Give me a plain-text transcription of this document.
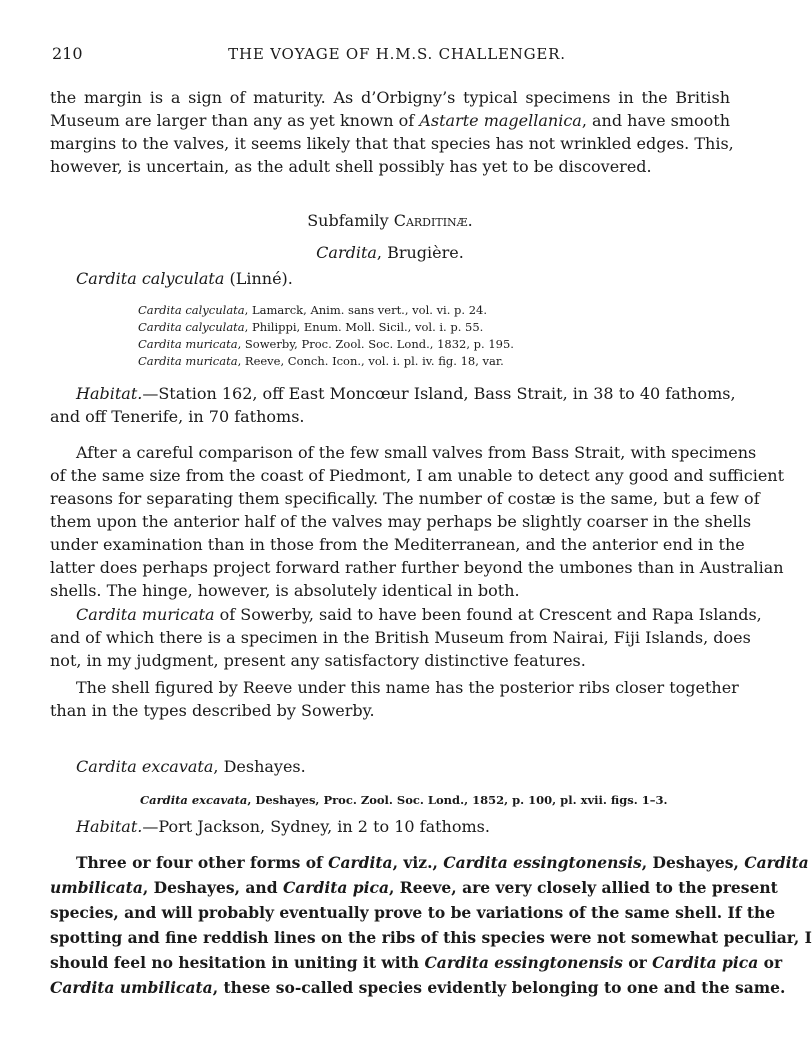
210	THE VOYAGE OF H.M.S. CHALLENGER.
the margin is a sign of maturity. As d’Orbigny’s typical specimens in the British
Museum are larger than any as yet known of Astarte magellanica, and have smooth
margins to the valves, it seems likely that that species has not wrinkled edges. This,
however, is uncertain, as the adult shell possibly has yet to be discovered.
Subfamily Carditinæ.
Cardita, Brugière.
Cardita calyculata (Linné).
Cardita calyculata, Lamarck, Anim. sans vert., vol. vi. p. 24.
Cardita calyculata, Philippi, Enum. Moll. Sicil., vol. i. p. 55.
Cardita muricata, Sowerby, Proc. Zool. Soc. Lond., 1832, p. 195.
Cardita muricata, Reeve, Conch. Icon., vol. i. pl. iv. fig. 18, var.
Habitat.—Station 162, off East Moncœur Island, Bass Strait, in 38 to 40 fathoms,
and off Tenerife, in 70 fathoms.
After a careful comparison of the few small valves from Bass Strait, with specimens
of the same size from the coast of Piedmont, I am unable to detect any good and sufficient
reasons for separating them specifically. The number of costæ is the same, but a few of
them upon the anterior half of the valves may perhaps be slightly coarser in the shells
under examination than in those from the Mediterranean, and the anterior end in the
latter does perhaps project forward rather further beyond the umbones than in Australian
shells. The hinge, however, is absolutely identical in both.
Cardita muricata of Sowerby, said to have been found at Crescent and Rapa Islands,
and of which there is a specimen in the British Museum from Nairai, Fiji Islands, does
not, in my judgment, present any satisfactory distinctive features.
The shell figured by Reeve under this name has the posterior ribs closer together
than in the types described by Sowerby.
Cardita excavata, Deshayes.
Cardita excavata, Deshayes, Proc. Zool. Soc. Lond., 1852, p. 100, pl. xvii. figs. 1–3.
Habitat.—Port Jackson, Sydney, in 2 to 10 fathoms.
Three or four other forms of Cardita, viz., Cardita essingtonensis, Deshayes, Cardita
umbilicata, Deshayes, and Cardita pica, Reeve, are very closely allied to the present
species, and will probably eventually prove to be variations of the same shell. If the
spotting and fine reddish lines on the ribs of this species were not somewhat peculiar, I
should feel no hesitation in uniting it with Cardita essingtonensis or Cardita pica or
Cardita umbilicata, these so-called species evidently belonging to one and the same.
